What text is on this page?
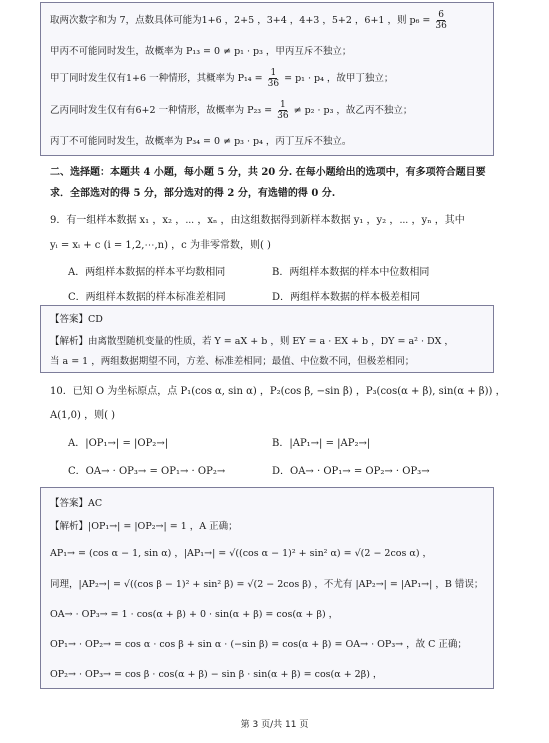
取两次数字和为 7，点数具体可能为1+6 ，2+5 ，3+4 ，4+3 ，5+2 ，6+1 ，则 $p_6 = \frac{6}{36}$
甲丙不可能同时发生，故概率为 P₁₃ = 0 ≠ p₁ · p₃ ，甲丙互斥不独立；
甲丁同时发生仅有1+6 一种情形，其概率为 $P_{14} = \frac{1}{36} = p_1 \cdot p_4$ ，故甲丁独立；
乙丙同时发生仅有有6+2 一种情形，故概率为 $P_{23} = \frac{1}{36} \ne p_2 \cdot p_3$ ，故乙丙不独立；
丙丁不可能同时发生，故概率为 P₃₄ = 0 ≠ p₃ · p₄ ，丙丁互斥不独立。
二、选择题：本题共 4 小题，每小题 5 分，共 20 分. 在每小题给出的选项中，有多项符合题目要
求．全部选对的得 5 分，部分选对的得 2 分，有选错的得 0 分.
9．有一组样本数据 x₁ ，x₂ ，⋯ ，xₙ ，由这组数据得到新样本数据 y₁ ，y₂ ，⋯ ，yₙ ，其中
yᵢ = xᵢ + c (i = 1,2,⋯,n) ，c 为非零常数，则( )
A．两组样本数据的样本平均数相同	B．两组样本数据的样本中位数相同
C．两组样本数据的样本标准差相同	D．两组样本数据的样本极差相同
【答案】CD
【解析】由离散型随机变量的性质，若 Y = aX + b ，则 EY = a · EX + b ，DY = a² · DX ，
当 a = 1 ，两组数据期望不同，方差、标准差相同；最值、中位数不同，但极差相同；
10．已知 O 为坐标原点，点 P₁(cos α, sin α) ，P₂(cos β, −sin β) ，P₃(cos(α + β), sin(α + β)) ，
A(1,0) ，则( )
A．|OP₁→| = |OP₂→|	B．|AP₁→| = |AP₂→|
C．OA→ · OP₃→ = OP₁→ · OP₂→	D．OA→ · OP₁→ = OP₂→ · OP₃→
【答案】AC
【解析】|OP₁→| = |OP₂→| = 1 ，A 正确；
AP₁→ = (cos α − 1, sin α) ，|AP₁→| = √((cos α − 1)² + sin² α) = √(2 − 2cos α) ，
同理，|AP₂→| = √((cos β − 1)² + sin² β) = √(2 − 2cos β) ，不尤有 |AP₂→| = |AP₁→| ，B 错误；
OA→ · OP₃→ = 1 · cos(α + β) + 0 · sin(α + β) = cos(α + β) ，
OP₁→ · OP₂→ = cos α · cos β + sin α · (−sin β) = cos(α + β) = OA→ · OP₃→ ，故 C 正确；
OP₂→ · OP₃→ = cos β · cos(α + β) − sin β · sin(α + β) = cos(α + 2β) ，
第 3 页/共 11 页
